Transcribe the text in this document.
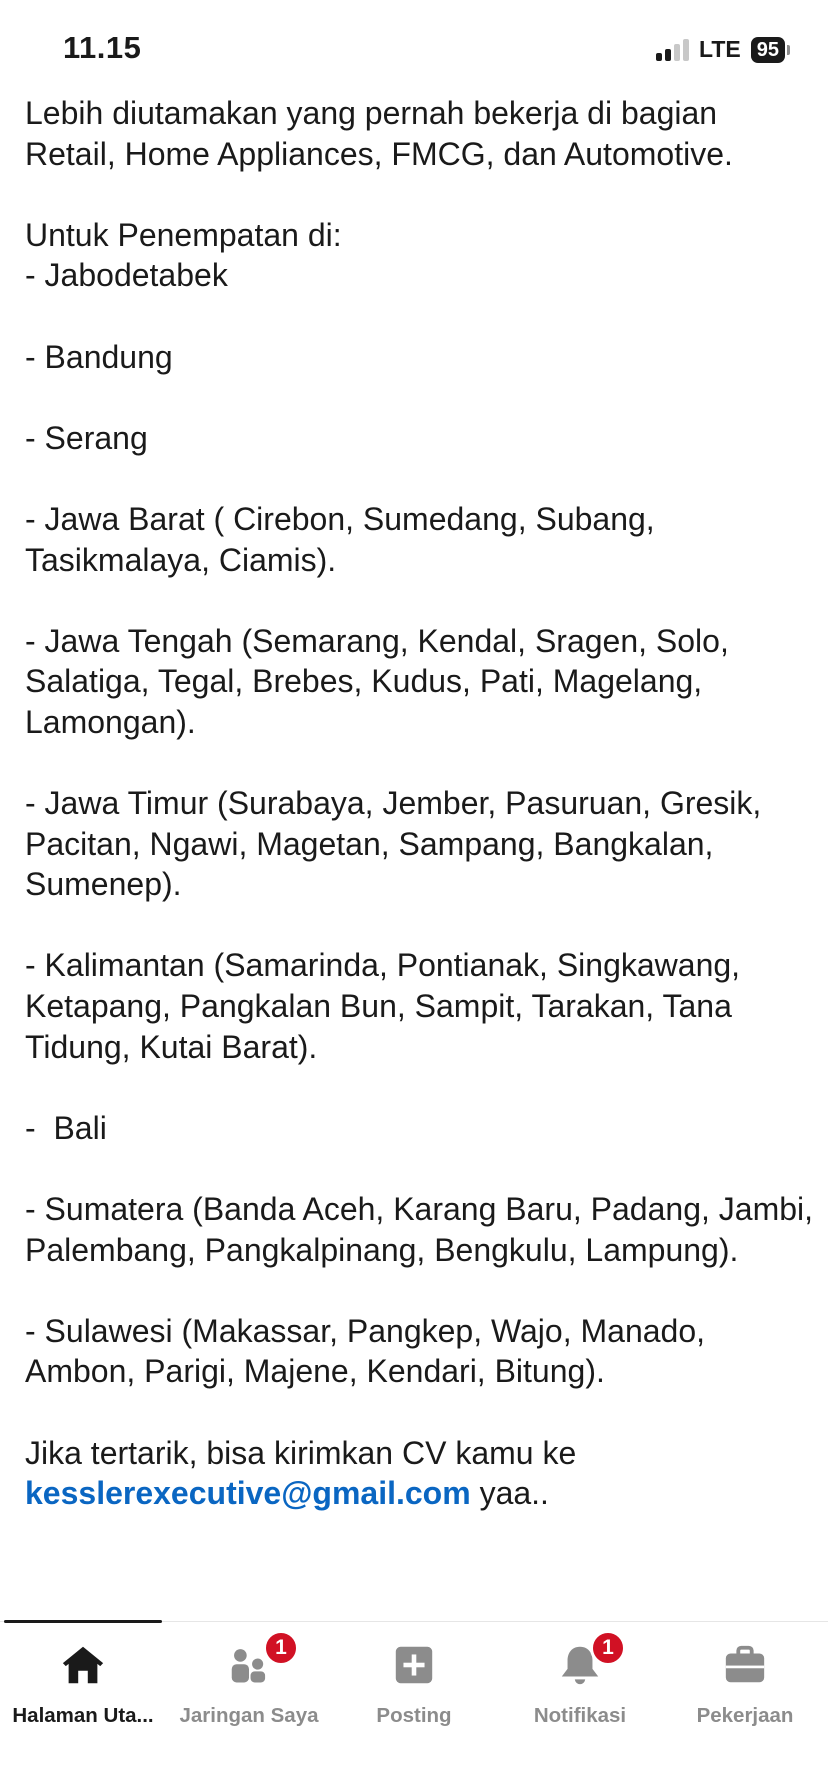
11.15	LTE 95
Lebih diutamakan yang pernah bekerja di bagian Retail, Home Appliances, FMCG, dan Automotive.

Untuk Penempatan di:
- Jabodetabek

- Bandung

- Serang

- Jawa Barat ( Cirebon, Sumedang, Subang, Tasikmalaya, Ciamis).

- Jawa Tengah (Semarang, Kendal, Sragen, Solo, Salatiga, Tegal, Brebes, Kudus, Pati, Magelang, Lamongan).

- Jawa Timur (Surabaya, Jember, Pasuruan, Gresik, Pacitan, Ngawi, Magetan, Sampang, Bangkalan, Sumenep).

- Kalimantan (Samarinda, Pontianak, Singkawang, Ketapang, Pangkalan Bun, Sampit, Tarakan, Tana Tidung, Kutai Barat).

-  Bali

- Sumatera (Banda Aceh, Karang Baru, Padang, Jambi, Palembang, Pangkalpinang, Bengkulu, Lampung).

- Sulawesi (Makassar, Pangkep, Wajo, Manado, Ambon, Parigi, Majene, Kendari, Bitung).

Jika tertarik, bisa kirimkan CV kamu ke
kesslerexecutive@gmail.com yaa..
Halaman Uta...
1
Jaringan Saya	Posting
1
Notifikasi	Pekerjaan
